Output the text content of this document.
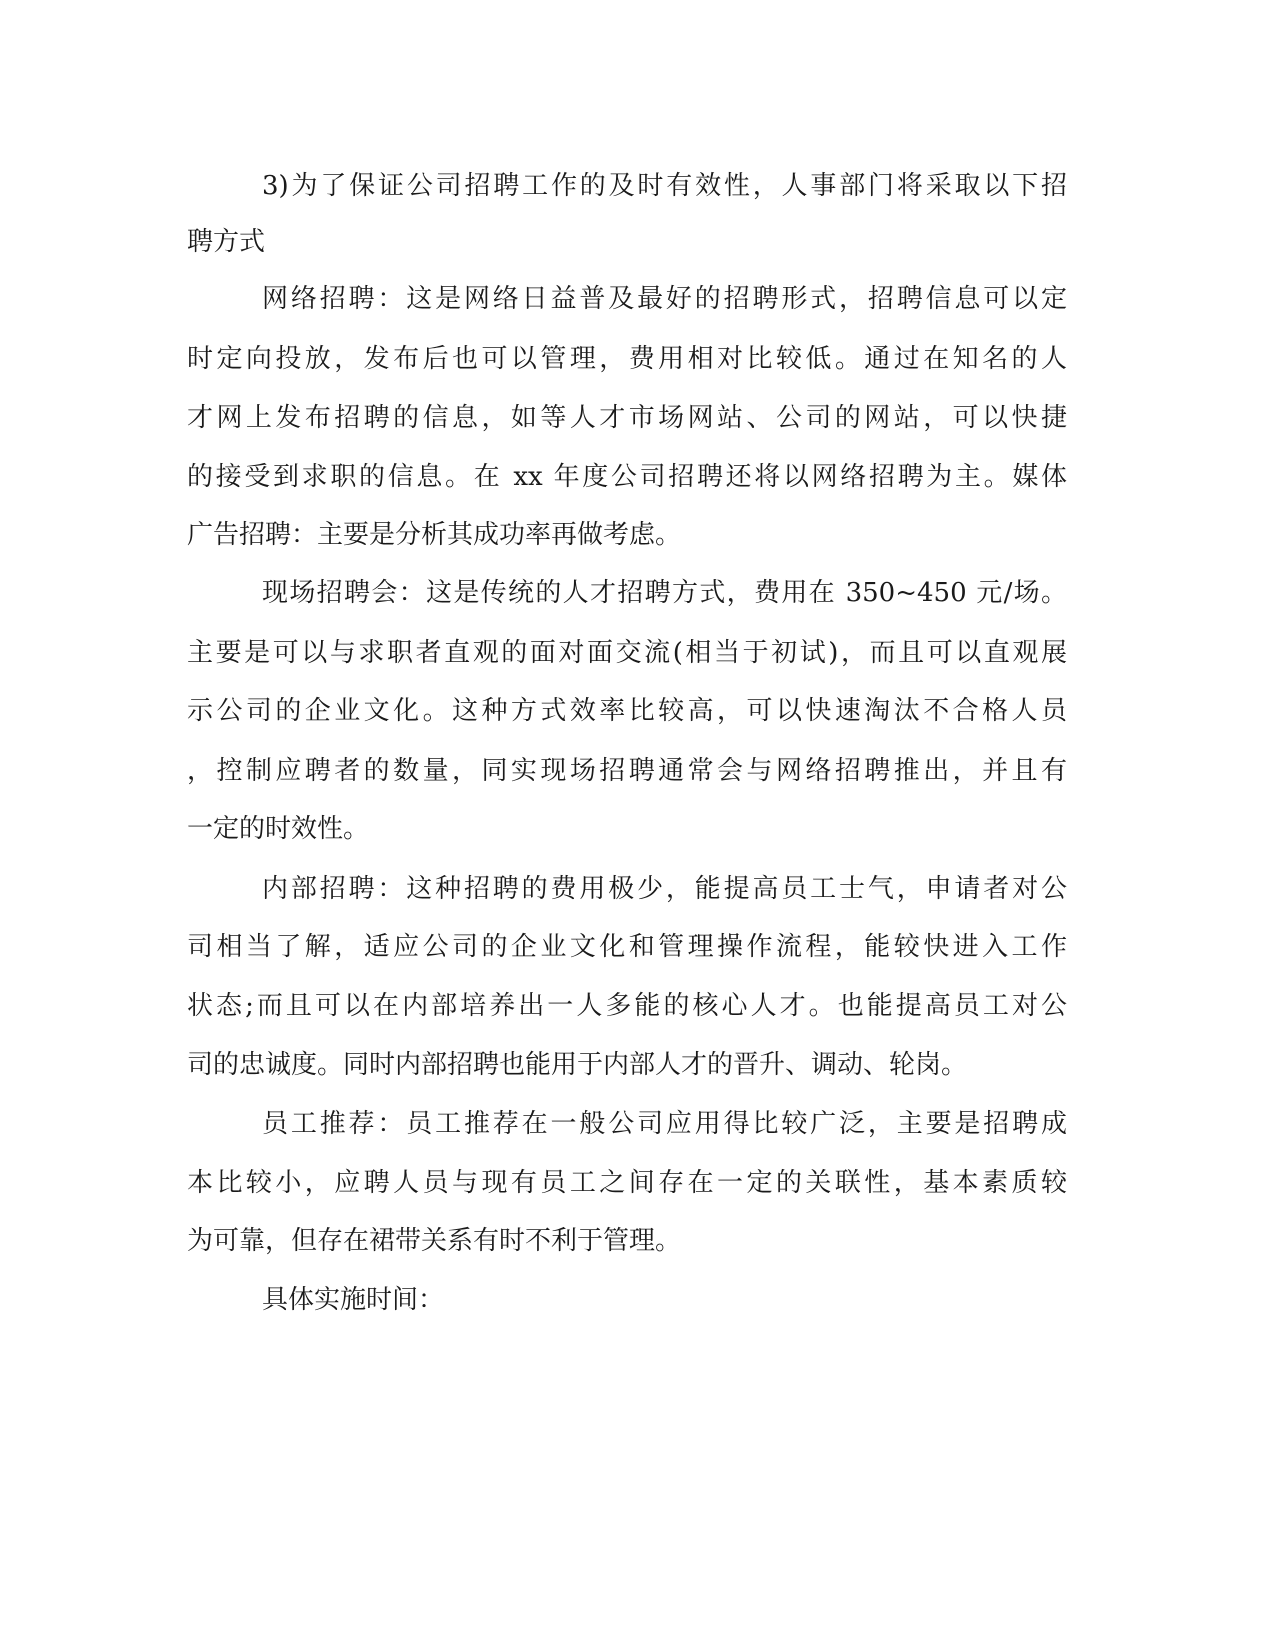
3)为了保证公司招聘工作的及时有效性，人事部门将采取以下招

聘方式

网络招聘：这是网络日益普及最好的招聘形式，招聘信息可以定

时定向投放，发布后也可以管理，费用相对比较低。通过在知名的人

才网上发布招聘的信息，如等人才市场网站、公司的网站，可以快捷

的接受到求职的信息。在 xx 年度公司招聘还将以网络招聘为主。媒体

广告招聘：主要是分析其成功率再做考虑。

现场招聘会：这是传统的人才招聘方式，费用在 350~450 元/场。

主要是可以与求职者直观的面对面交流(相当于初试)，而且可以直观展

示公司的企业文化。这种方式效率比较高，可以快速淘汰不合格人员

，控制应聘者的数量，同实现场招聘通常会与网络招聘推出，并且有

一定的时效性。

内部招聘：这种招聘的费用极少，能提高员工士气，申请者对公

司相当了解，适应公司的企业文化和管理操作流程，能较快进入工作

状态;而且可以在内部培养出一人多能的核心人才。也能提高员工对公

司的忠诚度。同时内部招聘也能用于内部人才的晋升、调动、轮岗。

员工推荐：员工推荐在一般公司应用得比较广泛，主要是招聘成

本比较小，应聘人员与现有员工之间存在一定的关联性，基本素质较

为可靠，但存在裙带关系有时不利于管理。

具体实施时间：
